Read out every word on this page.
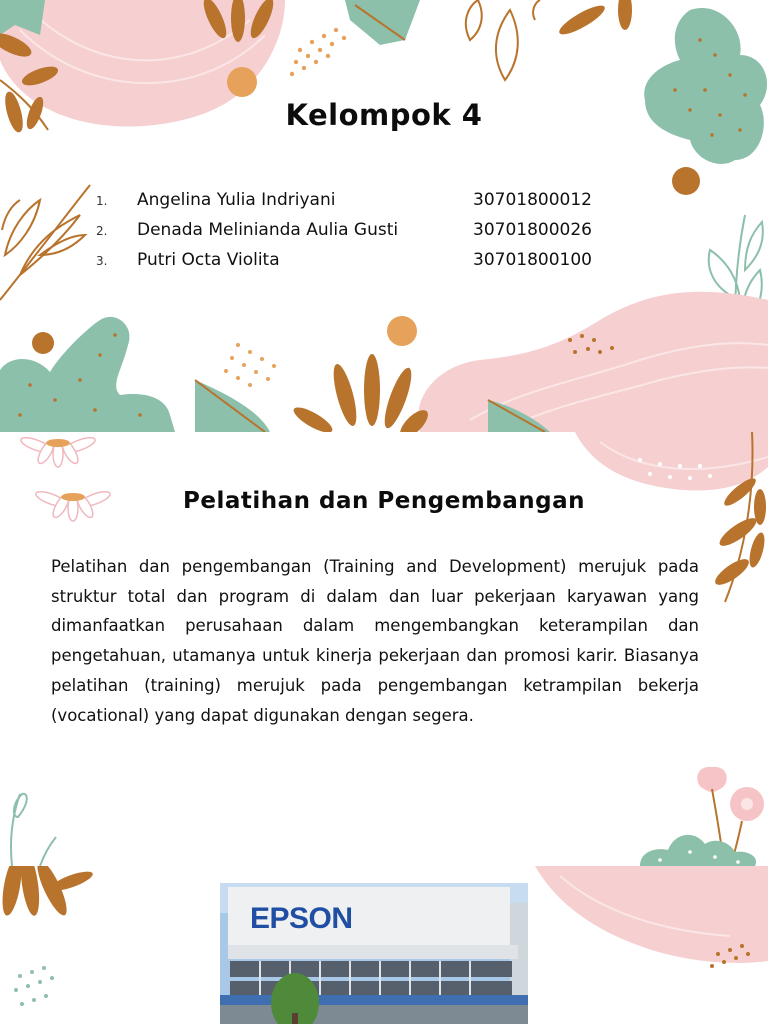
Kelompok 4
1.	Angelina Yulia Indriyani	30701800012
2.	Denada Melinianda Aulia Gusti	30701800026
3.	Putri Octa Violita	30701800100
Pelatihan dan Pengembangan
Pelatihan dan pengembangan (Training and Development) merujuk pada struktur total dan program di dalam dan luar pekerjaan karyawan yang dimanfaatkan perusahaan dalam mengembangkan keterampilan dan pengetahuan, utamanya untuk kinerja pekerjaan dan promosi karir. Biasanya pelatihan (training) merujuk pada pengembangan ketrampilan bekerja (vocational) yang dapat digunakan dengan segera.
EPSON
